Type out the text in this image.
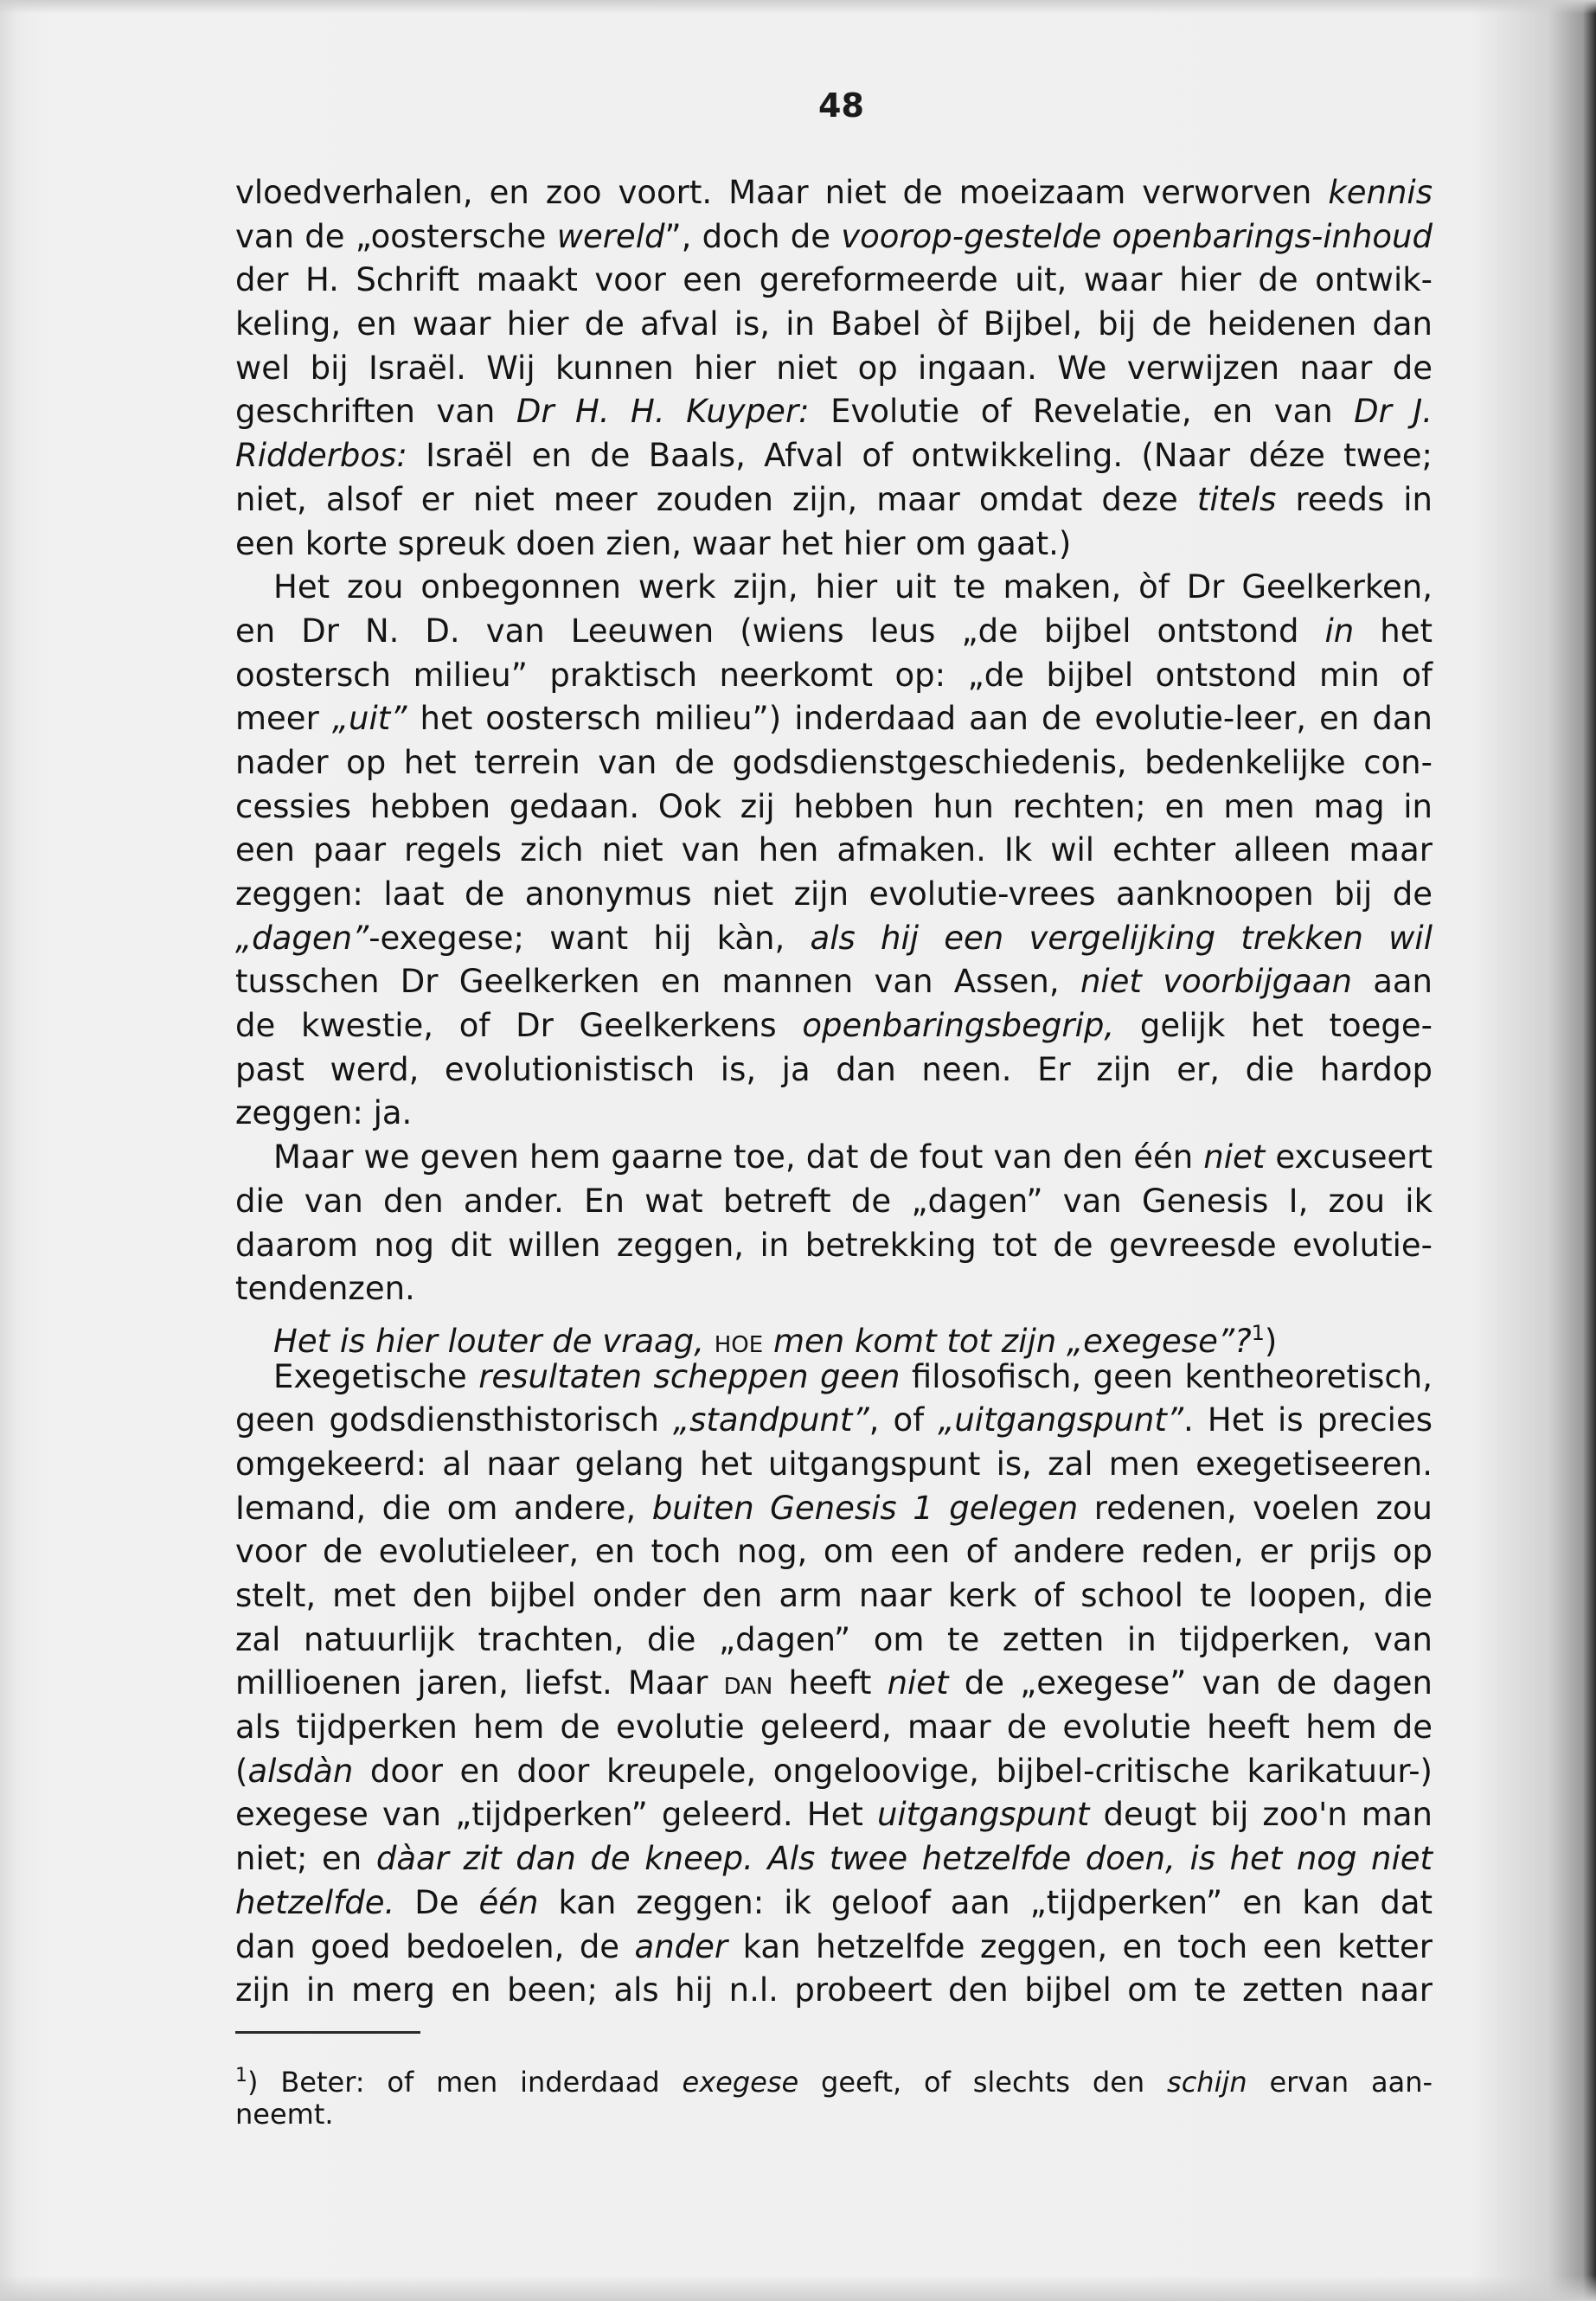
48
vloedverhalen, en zoo voort. Maar niet de moeizaam verworven kennis
van de „oostersche wereld”, doch de voorop-gestelde openbarings-inhoud
der H. Schrift maakt voor een gereformeerde uit, waar hier de ontwik-
keling, en waar hier de afval is, in Babel òf Bijbel, bij de heidenen dan
wel bij Israël. Wij kunnen hier niet op ingaan. We verwijzen naar de
geschriften van Dr H. H. Kuyper: Evolutie of Revelatie, en van Dr J.
Ridderbos: Israël en de Baals, Afval of ontwikkeling. (Naar déze twee;
niet, alsof er niet meer zouden zijn, maar omdat deze titels reeds in
een korte spreuk doen zien, waar het hier om gaat.)
Het zou onbegonnen werk zijn, hier uit te maken, òf Dr Geelkerken,
en Dr N. D. van Leeuwen (wiens leus „de bijbel ontstond in het
oostersch milieu” praktisch neerkomt op: „de bijbel ontstond min of
meer „uit” het oostersch milieu”) inderdaad aan de evolutie-leer, en dan
nader op het terrein van de godsdienstgeschiedenis, bedenkelijke con-
cessies hebben gedaan. Ook zij hebben hun rechten; en men mag in
een paar regels zich niet van hen afmaken. Ik wil echter alleen maar
zeggen: laat de anonymus niet zijn evolutie-vrees aanknoopen bij de
„dagen”-exegese; want hij kàn, als hij een vergelijking trekken wil
tusschen Dr Geelkerken en mannen van Assen, niet voorbijgaan aan
de kwestie, of Dr Geelkerkens openbaringsbegrip, gelijk het toege-
past werd, evolutionistisch is, ja dan neen. Er zijn er, die hardop
zeggen: ja.
Maar we geven hem gaarne toe, dat de fout van den één niet excuseert
die van den ander. En wat betreft de „dagen” van Genesis I, zou ik
daarom nog dit willen zeggen, in betrekking tot de gevreesde evolutie-
tendenzen.
Het is hier louter de vraag, hoe men komt tot zijn „exegese”?$^1$)
Exegetische resultaten scheppen geen filosofisch, geen kentheoretisch,
geen godsdiensthistorisch „standpunt”, of „uitgangspunt”. Het is precies
omgekeerd: al naar gelang het uitgangspunt is, zal men exegetiseeren.
Iemand, die om andere, buiten Genesis 1 gelegen redenen, voelen zou
voor de evolutieleer, en toch nog, om een of andere reden, er prijs op
stelt, met den bijbel onder den arm naar kerk of school te loopen, die
zal natuurlijk trachten, die „dagen” om te zetten in tijdperken, van
millioenen jaren, liefst. Maar dan heeft niet de „exegese” van de dagen
als tijdperken hem de evolutie geleerd, maar de evolutie heeft hem de
(alsdàn door en door kreupele, ongeloovige, bijbel-critische karikatuur-)
exegese van „tijdperken” geleerd. Het uitgangspunt deugt bij zoo'n man
niet; en dàar zit dan de kneep. Als twee hetzelfde doen, is het nog niet
hetzelfde. De één kan zeggen: ik geloof aan „tijdperken” en kan dat
dan goed bedoelen, de ander kan hetzelfde zeggen, en toch een ketter
zijn in merg en been; als hij n.l. probeert den bijbel om te zetten naar
$^1$) Beter: of men inderdaad exegese geeft, of slechts den schijn ervan aan-
neemt.
